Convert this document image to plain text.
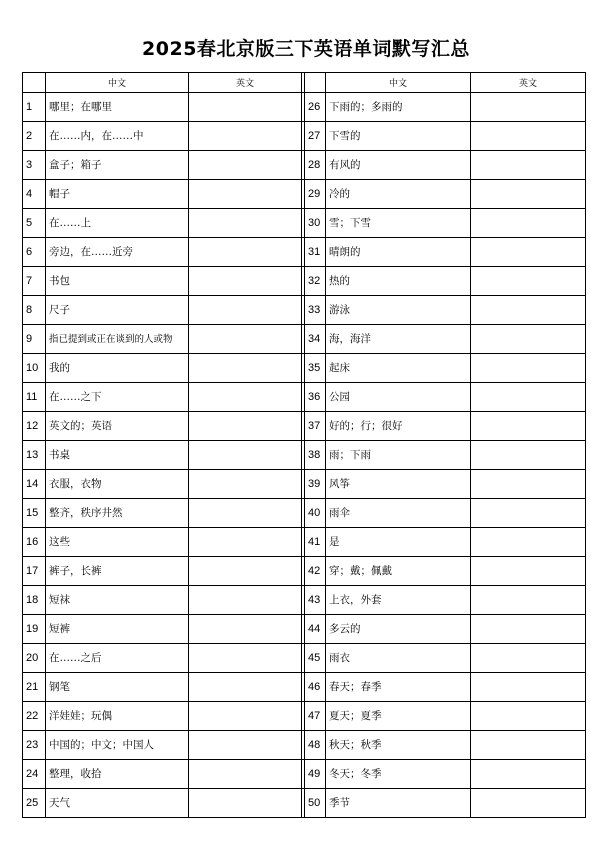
2025春北京版三下英语单词默写汇总
	中文	英文			中文	英文
1	哪里；在哪里			26	下雨的；多雨的	
2	在……内，在……中			27	下雪的	
3	盒子；箱子			28	有风的	
4	帽子			29	冷的	
5	在……上			30	雪；下雪	
6	旁边，在……近旁			31	晴朗的	
7	书包			32	热的	
8	尺子			33	游泳	
9	指已提到或正在谈到的人或物			34	海，海洋	
10	我的			35	起床	
11	在……之下			36	公园	
12	英文的；英语			37	好的；行；很好	
13	书桌			38	雨；下雨	
14	衣服，衣物			39	风筝	
15	整齐，秩序井然			40	雨伞	
16	这些			41	是	
17	裤子，长裤			42	穿；戴；佩戴	
18	短袜			43	上衣，外套	
19	短裤			44	多云的	
20	在……之后			45	雨衣	
21	钢笔			46	春天；春季	
22	洋娃娃；玩偶			47	夏天；夏季	
23	中国的；中文；中国人			48	秋天；秋季	
24	整理，收拾			49	冬天；冬季	
25	天气			50	季节	
